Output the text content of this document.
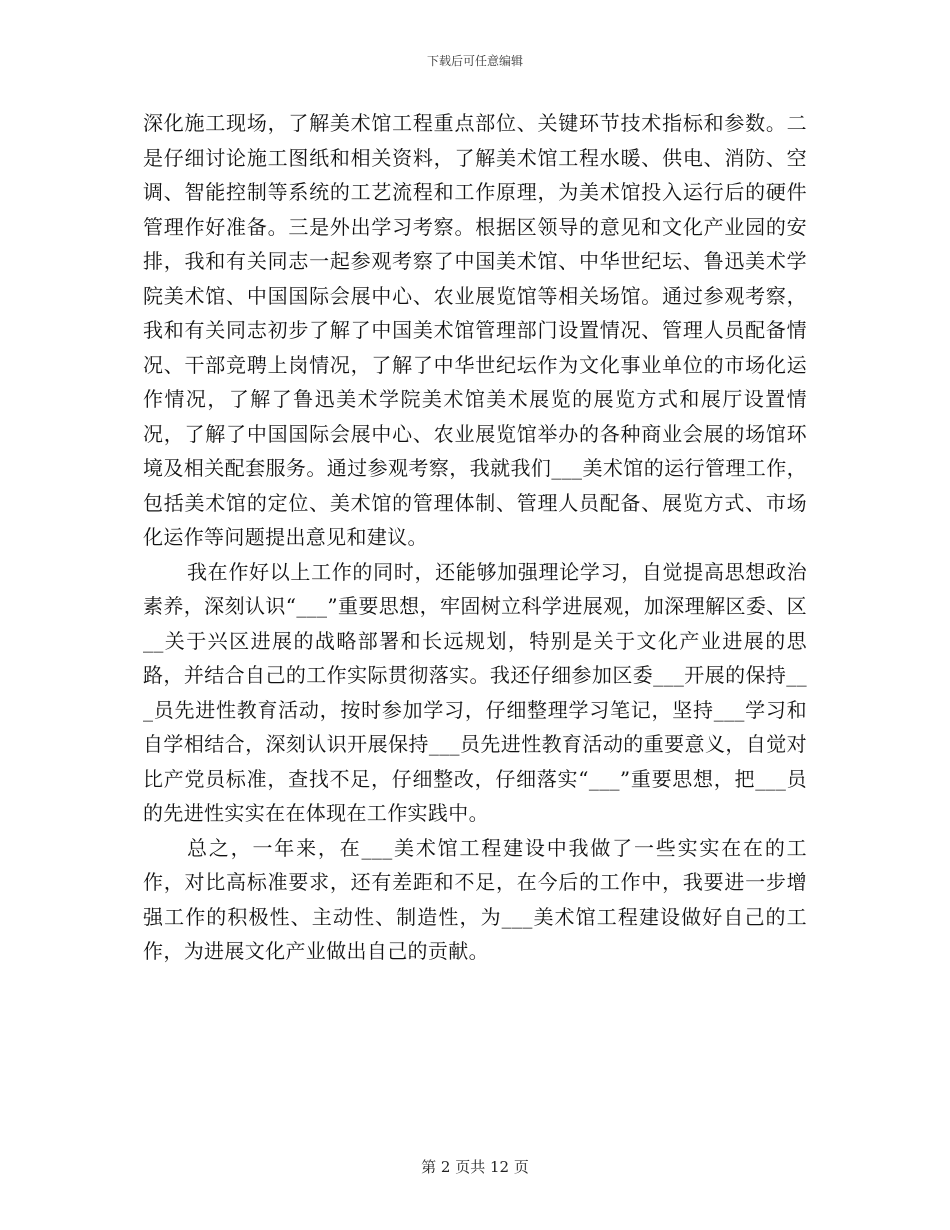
下载后可任意编辑

深化施工现场，了解美术馆工程重点部位、关键环节技术指标和参数。二是仔细讨论施工图纸和相关资料，了解美术馆工程水暖、供电、消防、空调、智能控制等系统的工艺流程和工作原理，为美术馆投入运行后的硬件管理作好准备。三是外出学习考察。根据区领导的意见和文化产业园的安排，我和有关同志一起参观考察了中国美术馆、中华世纪坛、鲁迅美术学院美术馆、中国国际会展中心、农业展览馆等相关场馆。通过参观考察，我和有关同志初步了解了中国美术馆管理部门设置情况、管理人员配备情况、干部竞聘上岗情况，了解了中华世纪坛作为文化事业单位的市场化运作情况，了解了鲁迅美术学院美术馆美术展览的展览方式和展厅设置情况，了解了中国国际会展中心、农业展览馆举办的各种商业会展的场馆环境及相关配套服务。通过参观考察，我就我们___美术馆的运行管理工作，包括美术馆的定位、美术馆的管理体制、管理人员配备、展览方式、市场化运作等问题提出意见和建议。

我在作好以上工作的同时，还能够加强理论学习，自觉提高思想政治素养，深刻认识“___”重要思想，牢固树立科学进展观，加深理解区委、区__关于兴区进展的战略部署和长远规划，特别是关于文化产业进展的思路，并结合自己的工作实际贯彻落实。我还仔细参加区委___开展的保持___员先进性教育活动，按时参加学习，仔细整理学习笔记，坚持___学习和自学相结合，深刻认识开展保持___员先进性教育活动的重要意义，自觉对比产党员标准，查找不足，仔细整改，仔细落实“___”重要思想，把___员的先进性实实在在体现在工作实践中。

总之，一年来，在___美术馆工程建设中我做了一些实实在在的工作，对比高标准要求，还有差距和不足，在今后的工作中，我要进一步增强工作的积极性、主动性、制造性，为___美术馆工程建设做好自己的工作，为进展文化产业做出自己的贡献。

第 2 页共 12 页
